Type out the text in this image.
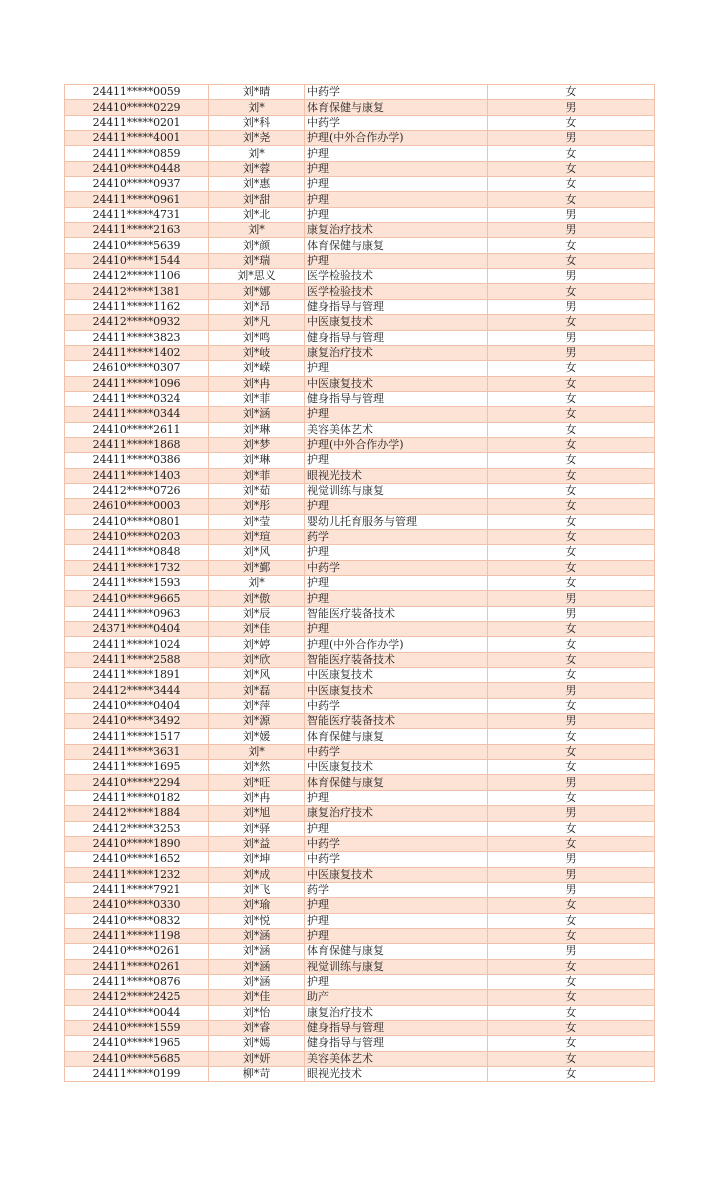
24411*****0059	刘*晴	中药学	女
24410*****0229	刘*	体育保健与康复	男
24411*****0201	刘*科	中药学	女
24411*****4001	刘*尧	护理(中外合作办学)	男
24411*****0859	刘*	护理	女
24410*****0448	刘*蓉	护理	女
24410*****0937	刘*惠	护理	女
24411*****0961	刘*甜	护理	女
24411*****4731	刘*北	护理	男
24411*****2163	刘*	康复治疗技术	男
24410*****5639	刘*颜	体育保健与康复	女
24410*****1544	刘*瑞	护理	女
24412*****1106	刘*思义	医学检验技术	男
24412*****1381	刘*娜	医学检验技术	女
24411*****1162	刘*昂	健身指导与管理	男
24412*****0932	刘*凡	中医康复技术	女
24411*****3823	刘*鸣	健身指导与管理	男
24411*****1402	刘*岐	康复治疗技术	男
24610*****0307	刘*嵘	护理	女
24411*****1096	刘*冉	中医康复技术	女
24411*****0324	刘*菲	健身指导与管理	女
24411*****0344	刘*涵	护理	女
24410*****2611	刘*琳	美容美体艺术	女
24411*****1868	刘*梦	护理(中外合作办学)	女
24411*****0386	刘*琳	护理	女
24411*****1403	刘*菲	眼视光技术	女
24412*****0726	刘*茹	视觉训练与康复	女
24610*****0003	刘*彤	护理	女
24410*****0801	刘*莹	婴幼儿托育服务与管理	女
24410*****0203	刘*瑄	药学	女
24411*****0848	刘*风	护理	女
24411*****1732	刘*鄞	中药学	女
24411*****1593	刘*	护理	女
24410*****9665	刘*傲	护理	男
24411*****0963	刘*辰	智能医疗装备技术	男
24371*****0404	刘*佳	护理	女
24411*****1024	刘*婷	护理(中外合作办学)	女
24411*****2588	刘*欣	智能医疗装备技术	女
24411*****1891	刘*风	中医康复技术	女
24412*****3444	刘*磊	中医康复技术	男
24410*****0404	刘*萍	中药学	女
24410*****3492	刘*源	智能医疗装备技术	男
24411*****1517	刘*媛	体育保健与康复	女
24411*****3631	刘*	中药学	女
24411*****1695	刘*然	中医康复技术	女
24410*****2294	刘*旺	体育保健与康复	男
24411*****0182	刘*冉	护理	女
24412*****1884	刘*旭	康复治疗技术	男
24412*****3253	刘*驿	护理	女
24410*****1890	刘*益	中药学	女
24410*****1652	刘*坤	中药学	男
24411*****1232	刘*成	中医康复技术	男
24411*****7921	刘*飞	药学	男
24410*****0330	刘*瑜	护理	女
24410*****0832	刘*悦	护理	女
24411*****1198	刘*涵	护理	女
24410*****0261	刘*涵	体育保健与康复	男
24411*****0261	刘*涵	视觉训练与康复	女
24411*****0876	刘*涵	护理	女
24412*****2425	刘*佳	助产	女
24410*****0044	刘*怡	康复治疗技术	女
24410*****1559	刘*睿	健身指导与管理	女
24410*****1965	刘*嫣	健身指导与管理	女
24410*****5685	刘*妍	美容美体艺术	女
24411*****0199	柳*苛	眼视光技术	女
